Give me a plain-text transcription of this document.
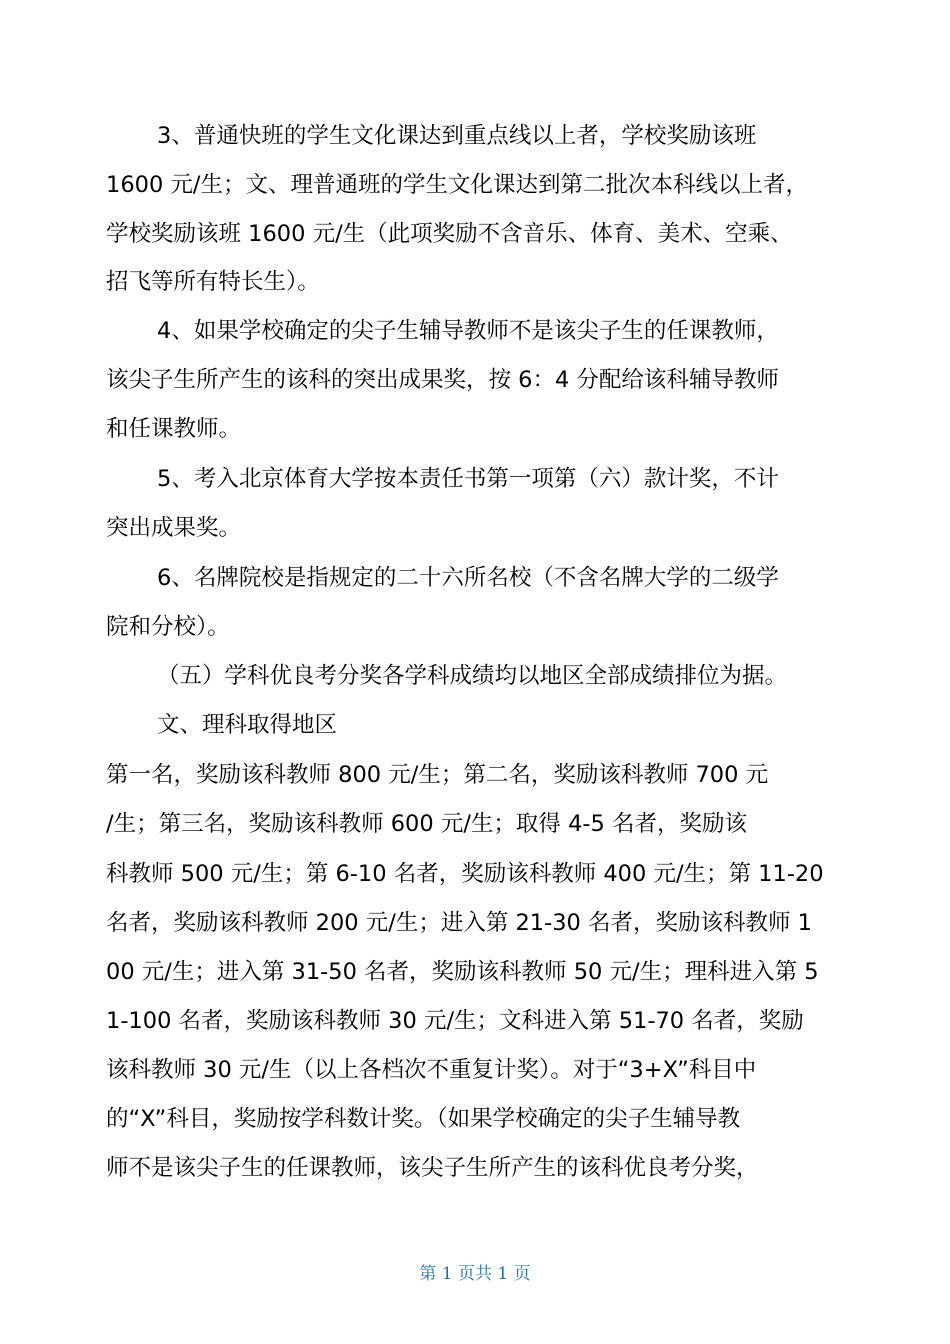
3、普通快班的学生文化课达到重点线以上者，学校奖励该班
1600 元/生；文、理普通班的学生文化课达到第二批次本科线以上者，
学校奖励该班 1600 元/生（此项奖励不含音乐、体育、美术、空乘、
招飞等所有特长生）。
4、如果学校确定的尖子生辅导教师不是该尖子生的任课教师，
该尖子生所产生的该科的突出成果奖，按 6：4 分配给该科辅导教师
和任课教师。
5、考入北京体育大学按本责任书第一项第（六）款计奖，不计
突出成果奖。
6、名牌院校是指规定的二十六所名校（不含名牌大学的二级学
院和分校）。
（五）学科优良考分奖各学科成绩均以地区全部成绩排位为据。
文、理科取得地区
第一名，奖励该科教师 800 元/生；第二名，奖励该科教师 700 元
/生；第三名，奖励该科教师 600 元/生；取得 4-5 名者，奖励该
科教师 500 元/生；第 6-10 名者，奖励该科教师 400 元/生；第 11-20
名者，奖励该科教师 200 元/生；进入第 21-30 名者，奖励该科教师 1
00 元/生；进入第 31-50 名者，奖励该科教师 50 元/生；理科进入第 5
1-100 名者，奖励该科教师 30 元/生；文科进入第 51-70 名者，奖励
该科教师 30 元/生（以上各档次不重复计奖）。对于“3+X”科目中
的“X”科目，奖励按学科数计奖。（如果学校确定的尖子生辅导教
师不是该尖子生的任课教师，该尖子生所产生的该科优良考分奖，
第 1 页共 1 页
